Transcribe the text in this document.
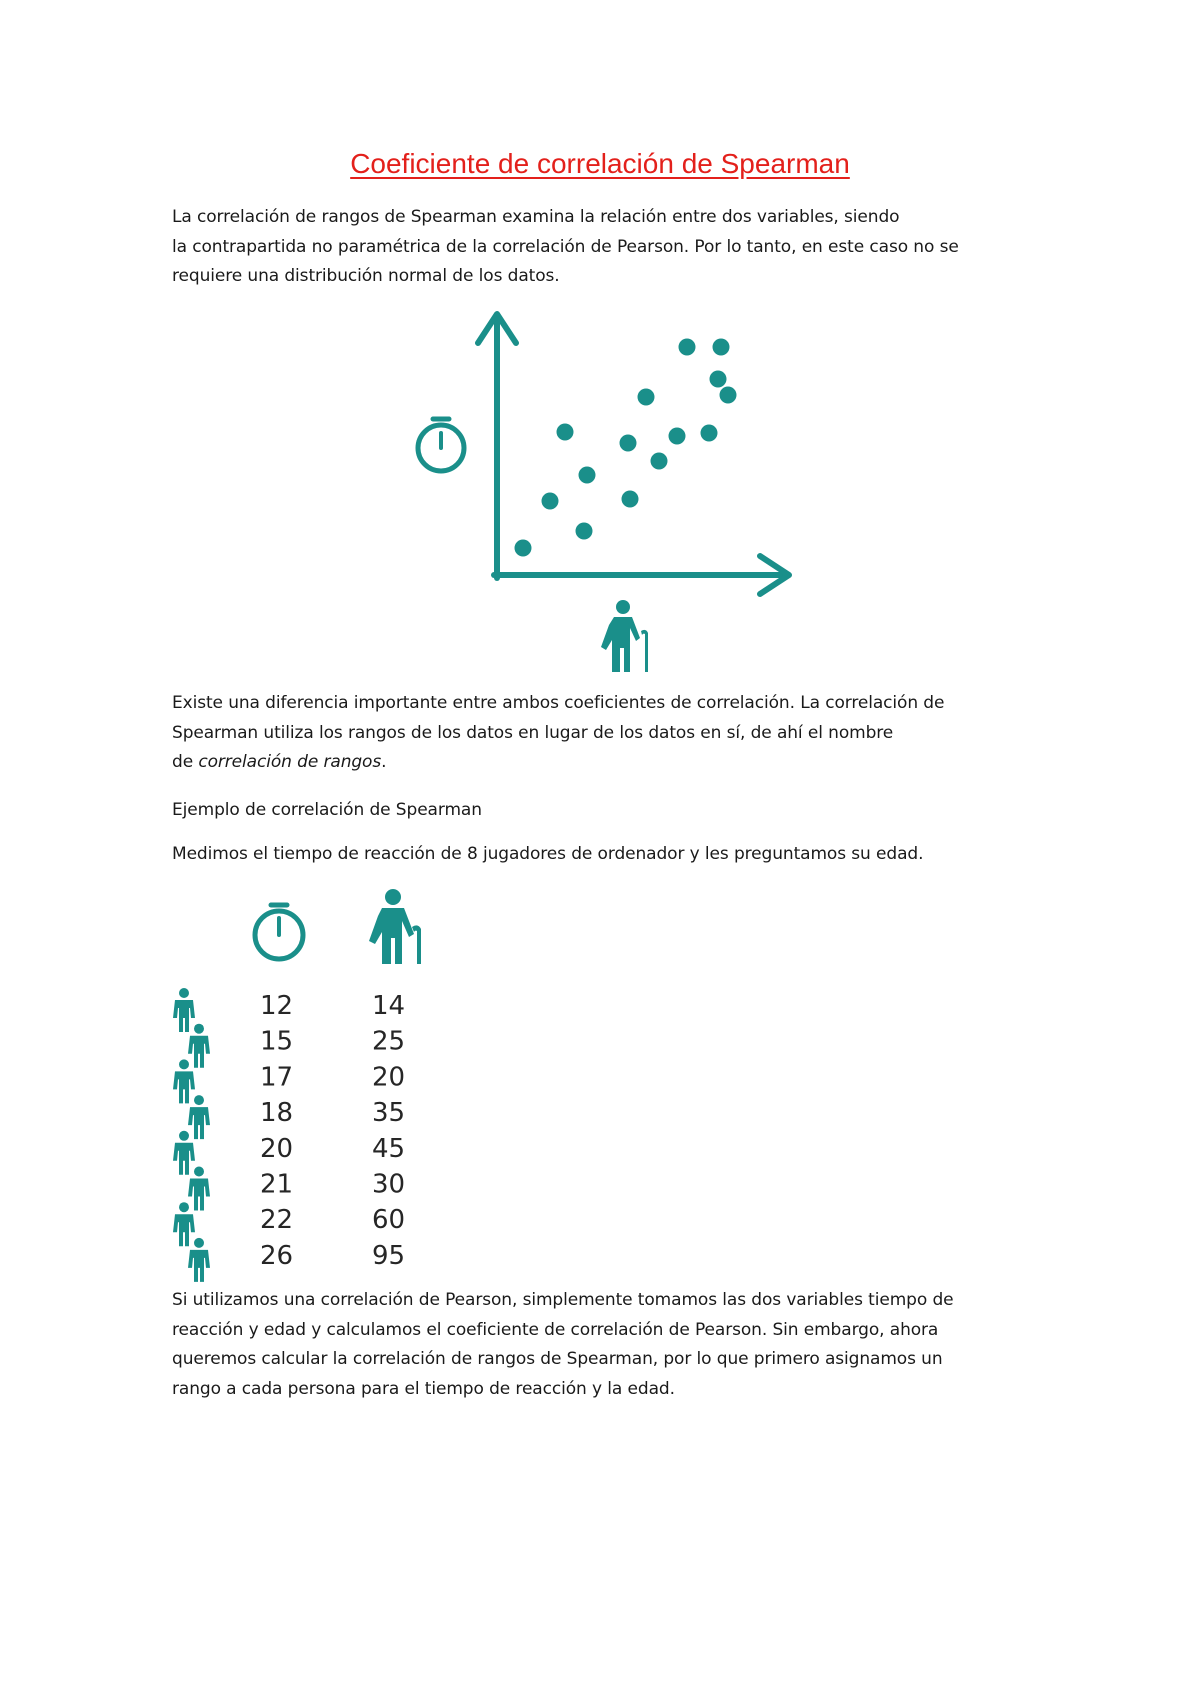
Coeficiente de correlación de Spearman

La correlación de rangos de Spearman examina la relación entre dos variables, siendo
la contrapartida no paramétrica de la correlación de Pearson. Por lo tanto, en este caso no se
requiere una distribución normal de los datos.

Existe una diferencia importante entre ambos coeficientes de correlación. La correlación de
Spearman utiliza los rangos de los datos en lugar de los datos en sí, de ahí el nombre
de correlación de rangos.

Ejemplo de correlación de Spearman

Medimos el tiempo de reacción de 8 jugadores de ordenador y les preguntamos su edad.

12	14
15	25
17	20
18	35
20	45
21	30
22	60
26	95

Si utilizamos una correlación de Pearson, simplemente tomamos las dos variables tiempo de
reacción y edad y calculamos el coeficiente de correlación de Pearson. Sin embargo, ahora
queremos calcular la correlación de rangos de Spearman, por lo que primero asignamos un
rango a cada persona para el tiempo de reacción y la edad.
